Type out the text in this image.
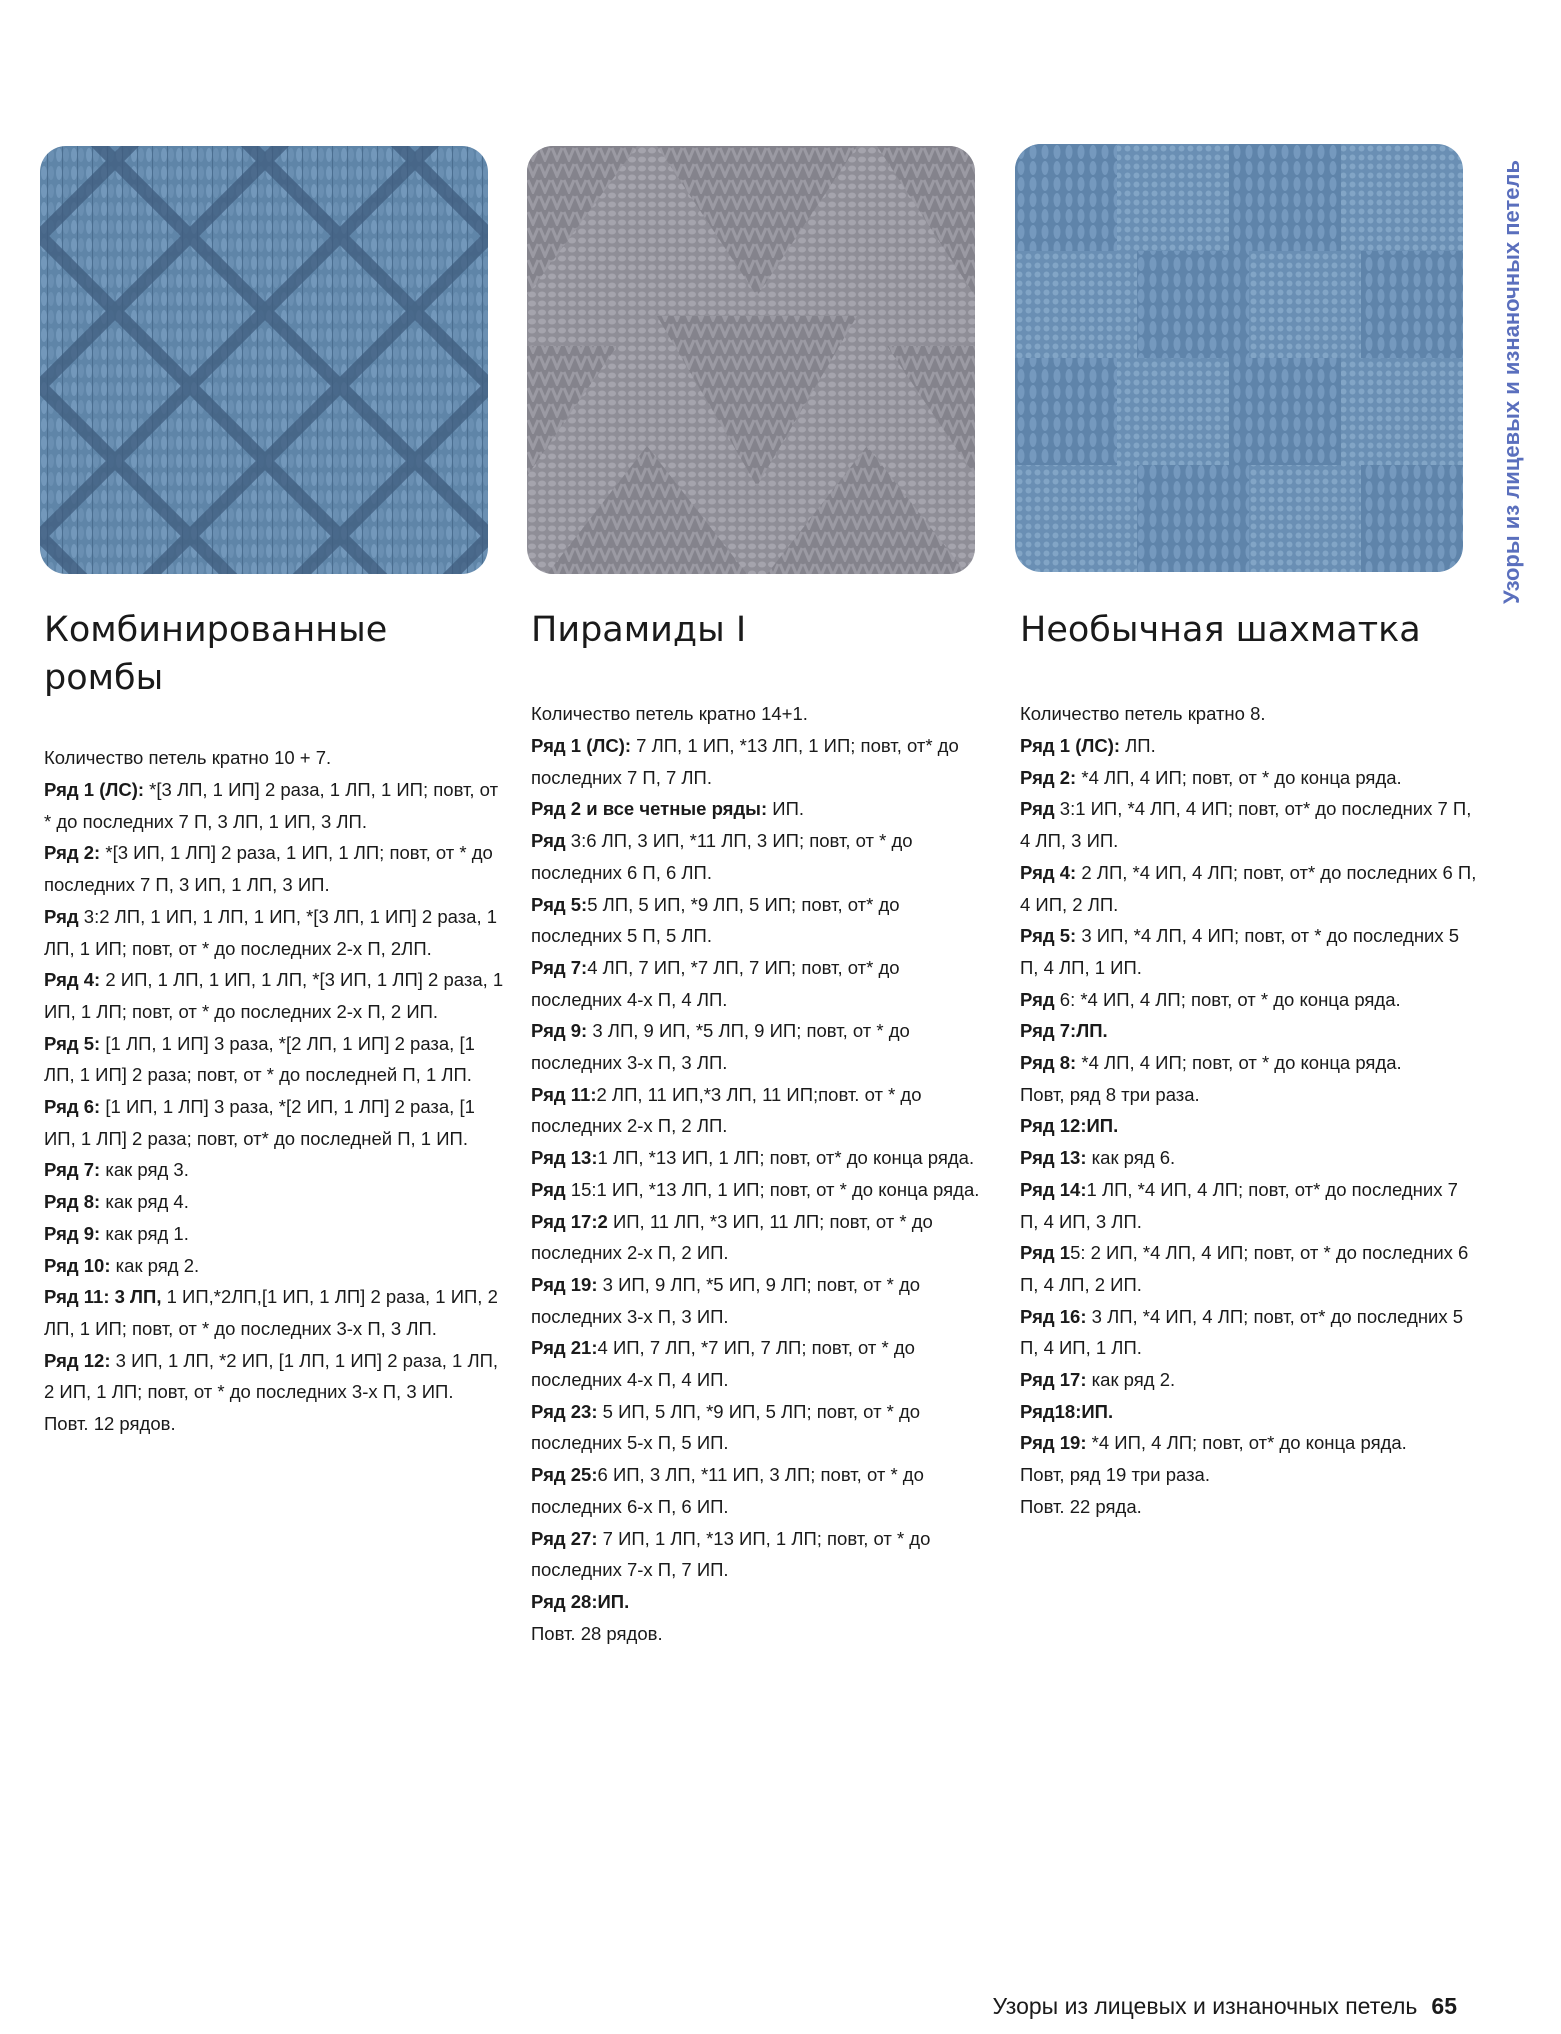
Комбинированные ромбы

Количество петель кратно 10 + 7.

Ряд 1 (ЛС): *[3 ЛП, 1 ИП] 2 раза, 1 ЛП, 1 ИП; повт, от * до последних 7 П, 3 ЛП, 1 ИП, 3 ЛП.
Ряд 2: *[3 ИП, 1 ЛП] 2 раза, 1 ИП, 1 ЛП; повт, от * до последних 7 П, 3 ИП, 1 ЛП, 3 ИП.
Ряд 3:2 ЛП, 1 ИП, 1 ЛП, 1 ИП, *[3 ЛП, 1 ИП] 2 раза, 1 ЛП, 1 ИП; повт, от * до последних 2-х П, 2ЛП.
Ряд 4: 2 ИП, 1 ЛП, 1 ИП, 1 ЛП, *[3 ИП, 1 ЛП] 2 раза, 1 ИП, 1 ЛП; повт, от * до последних 2-х П, 2 ИП.
Ряд 5: [1 ЛП, 1 ИП] 3 раза, *[2 ЛП, 1 ИП] 2 раза, [1 ЛП, 1 ИП] 2 раза; повт, от * до последней П, 1 ЛП.
Ряд 6: [1 ИП, 1 ЛП] 3 раза, *[2 ИП, 1 ЛП] 2 раза, [1 ИП, 1 ЛП] 2 раза; повт, от* до последней П, 1 ИП.
Ряд 7: как ряд 3.
Ряд 8: как ряд 4.
Ряд 9: как ряд 1.
Ряд 10: как ряд 2.
Ряд 11: 3 ЛП, 1 ИП,*2ЛП,[1 ИП, 1 ЛП] 2 раза, 1 ИП, 2 ЛП, 1 ИП; повт, от * до последних 3-х П, 3 ЛП.
Ряд 12: 3 ИП, 1 ЛП, *2 ИП, [1 ЛП, 1 ИП] 2 раза, 1 ЛП, 2 ИП, 1 ЛП; повт, от * до последних 3-х П, 3 ИП.
Повт. 12 рядов.
Пирамиды I

Количество петель кратно 14+1.

Ряд 1 (ЛС): 7 ЛП, 1 ИП, *13 ЛП, 1 ИП; повт, от* до последних 7 П, 7 ЛП.
Ряд 2 и все четные ряды: ИП.
Ряд 3:6 ЛП, 3 ИП, *11 ЛП, 3 ИП; повт, от * до последних 6 П, 6 ЛП.
Ряд 5:5 ЛП, 5 ИП, *9 ЛП, 5 ИП; повт, от* до последних 5 П, 5 ЛП.
Ряд 7:4 ЛП, 7 ИП, *7 ЛП, 7 ИП; повт, от* до последних 4-х П, 4 ЛП.
Ряд 9: 3 ЛП, 9 ИП, *5 ЛП, 9 ИП; повт, от * до последних 3-х П, 3 ЛП.
Ряд 11:2 ЛП, 11 ИП,*3 ЛП, 11 ИП;повт. от * до последних 2-х П, 2 ЛП.
Ряд 13:1 ЛП, *13 ИП, 1 ЛП; повт, от* до конца ряда.
Ряд 15:1 ИП, *13 ЛП, 1 ИП; повт, от * до конца ряда.
Ряд 17:2 ИП, 11 ЛП, *3 ИП, 11 ЛП; повт, от * до последних 2-х П, 2 ИП.
Ряд 19: 3 ИП, 9 ЛП, *5 ИП, 9 ЛП; повт, от * до последних 3-х П, 3 ИП.
Ряд 21:4 ИП, 7 ЛП, *7 ИП, 7 ЛП; повт, от * до последних 4-х П, 4 ИП.
Ряд 23: 5 ИП, 5 ЛП, *9 ИП, 5 ЛП; повт, от * до последних 5-х П, 5 ИП.
Ряд 25:6 ИП, 3 ЛП, *11 ИП, 3 ЛП; повт, от * до последних 6-х П, 6 ИП.
Ряд 27: 7 ИП, 1 ЛП, *13 ИП, 1 ЛП; повт, от * до последних 7-х П, 7 ИП.
Ряд 28:ИП.
Повт. 28 рядов.
Необычная шахматка

Количество петель кратно 8.

Ряд 1 (ЛС): ЛП.
Ряд 2: *4 ЛП, 4 ИП; повт, от * до конца ряда.
Ряд 3:1 ИП, *4 ЛП, 4 ИП; повт, от* до последних 7 П, 4 ЛП, 3 ИП.
Ряд 4: 2 ЛП, *4 ИП, 4 ЛП; повт, от* до последних 6 П, 4 ИП, 2 ЛП.
Ряд 5: 3 ИП, *4 ЛП, 4 ИП; повт, от * до последних 5 П, 4 ЛП, 1 ИП.
Ряд 6: *4 ИП, 4 ЛП; повт, от * до конца ряда.
Ряд 7:ЛП.
Ряд 8: *4 ЛП, 4 ИП; повт, от * до конца ряда.
Повт, ряд 8 три раза.
Ряд 12:ИП.
Ряд 13: как ряд 6.
Ряд 14:1 ЛП, *4 ИП, 4 ЛП; повт, от* до последних 7 П, 4 ИП, 3 ЛП.
Ряд 15: 2 ИП, *4 ЛП, 4 ИП; повт, от * до последних 6 П, 4 ЛП, 2 ИП.
Ряд 16: 3 ЛП, *4 ИП, 4 ЛП; повт, от* до последних 5 П, 4 ИП, 1 ЛП.
Ряд 17: как ряд 2.
Ряд18:ИП.
Ряд 19: *4 ИП, 4 ЛП; повт, от* до конца ряда.
Повт, ряд 19 три раза.
Повт. 22 ряда.
Узоры из лицевых и изнаночных петель
Узоры из лицевых и изнаночных петель 65
